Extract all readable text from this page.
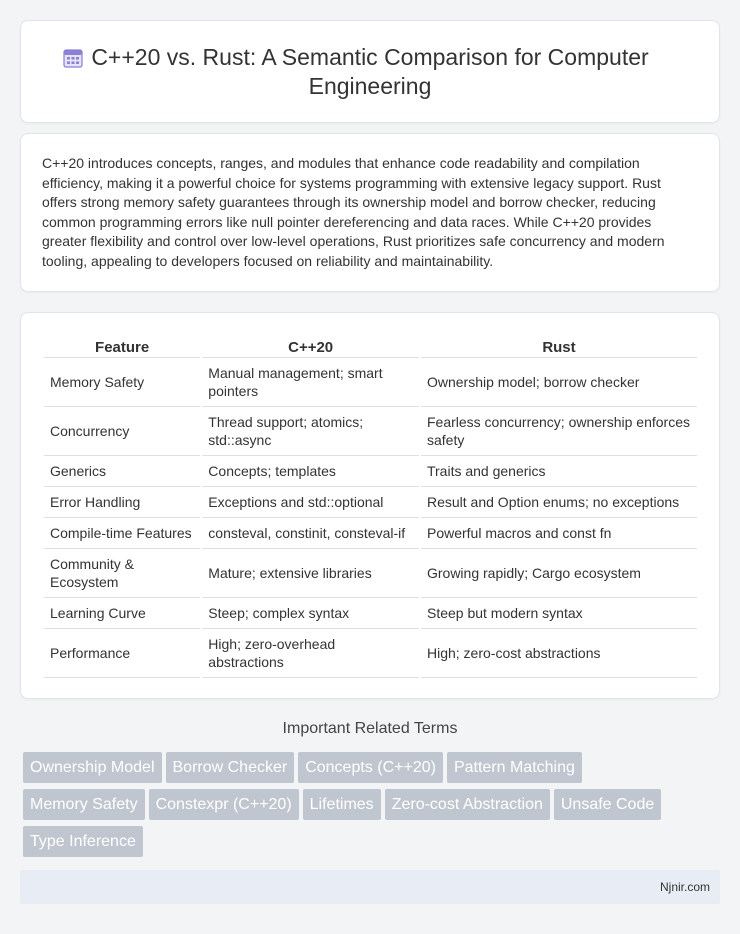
C++20 vs. Rust: A Semantic Comparison for Computer
Engineering

C++20 introduces concepts, ranges, and modules that enhance code readability and compilation efficiency, making it a powerful choice for systems programming with extensive legacy support. Rust offers strong memory safety guarantees through its ownership model and borrow checker, reducing common programming errors like null pointer dereferencing and data races. While C++20 provides greater flexibility and control over low-level operations, Rust prioritizes safe concurrency and modern tooling, appealing to developers focused on reliability and maintainability.

Feature	C++20	Rust
Memory Safety	Manual management; smart pointers	Ownership model; borrow checker
Concurrency	Thread support; atomics; std::async	Fearless concurrency; ownership enforces safety
Generics	Concepts; templates	Traits and generics
Error Handling	Exceptions and std::optional	Result and Option enums; no exceptions
Compile-time Features	consteval, constinit, consteval-if	Powerful macros and const fn
Community & Ecosystem	Mature; extensive libraries	Growing rapidly; Cargo ecosystem
Learning Curve	Steep; complex syntax	Steep but modern syntax
Performance	High; zero-overhead abstractions	High; zero-cost abstractions
Important Related Terms
Ownership Model Borrow Checker Concepts (C++20) Pattern Matching
Memory Safety Constexpr (C++20) Lifetimes Zero-cost Abstraction Unsafe Code
Type Inference
Njnir.com
